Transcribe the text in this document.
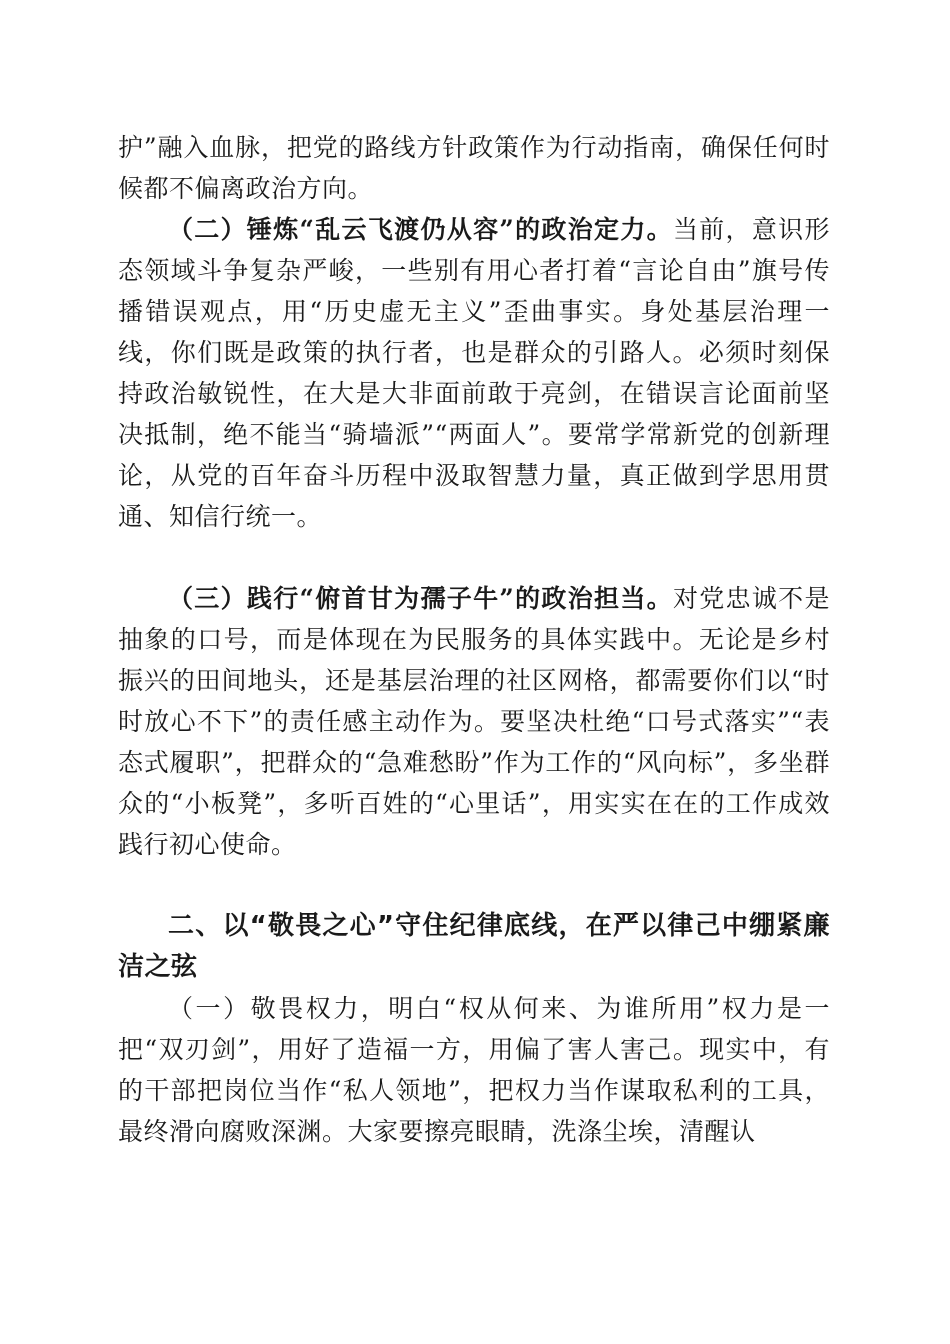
护”融入血脉，把党的路线方针政策作为行动指南，确保任何时候都不偏离政治方向。

（二）锤炼“乱云飞渡仍从容”的政治定力。当前，意识形态领域斗争复杂严峻，一些别有用心者打着“言论自由”旗号传播错误观点，用“历史虚无主义”歪曲事实。身处基层治理一线，你们既是政策的执行者，也是群众的引路人。必须时刻保持政治敏锐性，在大是大非面前敢于亮剑，在错误言论面前坚决抵制，绝不能当“骑墙派”“两面人”。要常学常新党的创新理论，从党的百年奋斗历程中汲取智慧力量，真正做到学思用贯通、知信行统一。

（三）践行“俯首甘为孺子牛”的政治担当。对党忠诚不是抽象的口号，而是体现在为民服务的具体实践中。无论是乡村振兴的田间地头，还是基层治理的社区网格，都需要你们以“时时放心不下”的责任感主动作为。要坚决杜绝“口号式落实”“表态式履职”，把群众的“急难愁盼”作为工作的“风向标”，多坐群众的“小板凳”，多听百姓的“心里话”，用实实在在的工作成效践行初心使命。

二、以“敬畏之心”守住纪律底线，在严以律己中绷紧廉洁之弦

（一）敬畏权力，明白“权从何来、为谁所用”权力是一把“双刃剑”，用好了造福一方，用偏了害人害己。现实中，有的干部把岗位当作“私人领地”，把权力当作谋取私利的工具，最终滑向腐败深渊。大家要擦亮眼睛，洗涤尘埃，清醒认
